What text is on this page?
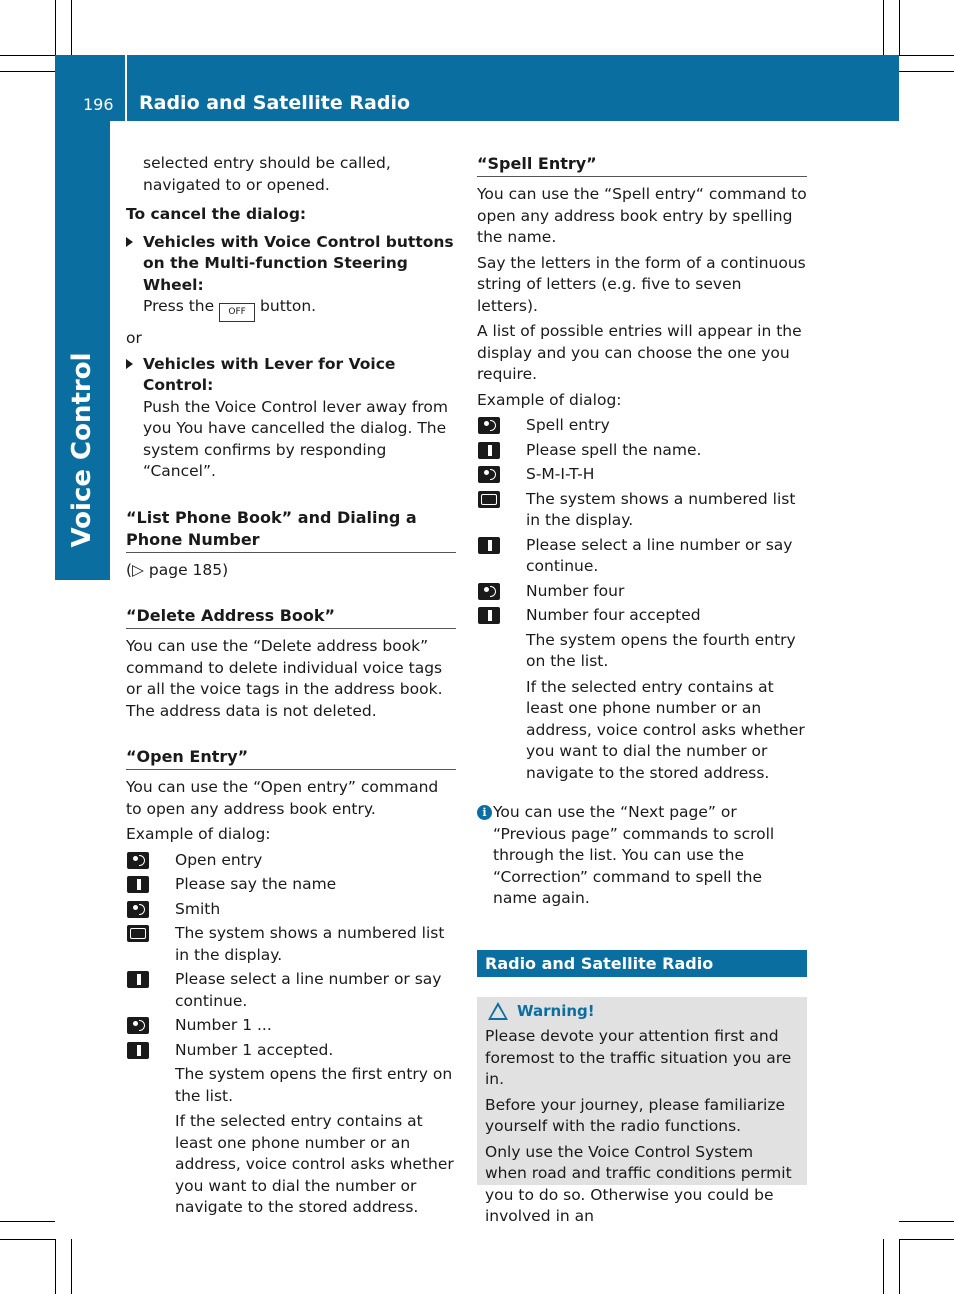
196 Radio and Satellite Radio
Voice Control

selected entry should be called, navigated to or opened.

To cancel the dialog:

Vehicles with Voice Control buttons on the Multi-function Steering Wheel:
Press the OFF button.

or

Vehicles with Lever for Voice Control:
Push the Voice Control lever away from you You have cancelled the dialog. The system confirms by responding “Cancel”.
“List Phone Book” and Dialing a Phone Number

(▷ page 185)

“Delete Address Book”

You can use the “Delete address book” command to delete individual voice tags or all the voice tags in the address book. The address data is not deleted.

“Open Entry”

You can use the “Open entry” command to open any address book entry.

Example of dialog:

Open entry
Please say the name
Smith
The system shows a numbered list in the display.
Please select a line number or say continue.
Number 1 ...
Number 1 accepted.

The system opens the first entry on the list.

If the selected entry contains at least one phone number or an address, voice control asks whether you want to dial the number or navigate to the stored address.

“Spell Entry”

You can use the “Spell entry“ command to open any address book entry by spelling the name.

Say the letters in the form of a continuous string of letters (e.g. five to seven letters).

A list of possible entries will appear in the display and you can choose the one you require.

Example of dialog:

Spell entry
Please spell the name.
S-M-I-T-H
The system shows a numbered list in the display.
Please select a line number or say continue.
Number four
Number four accepted

The system opens the fourth entry on the list.

If the selected entry contains at least one phone number or an address, voice control asks whether you want to dial the number or navigate to the stored address.

i You can use the “Next page” or “Previous page” commands to scroll through the list. You can use the “Correction” command to spell the name again.
Radio and Satellite Radio
Warning!

Please devote your attention first and foremost to the traffic situation you are in.

Before your journey, please familiarize yourself with the radio functions.

Only use the Voice Control System when road and traffic conditions permit you to do so. Otherwise you could be involved in an
